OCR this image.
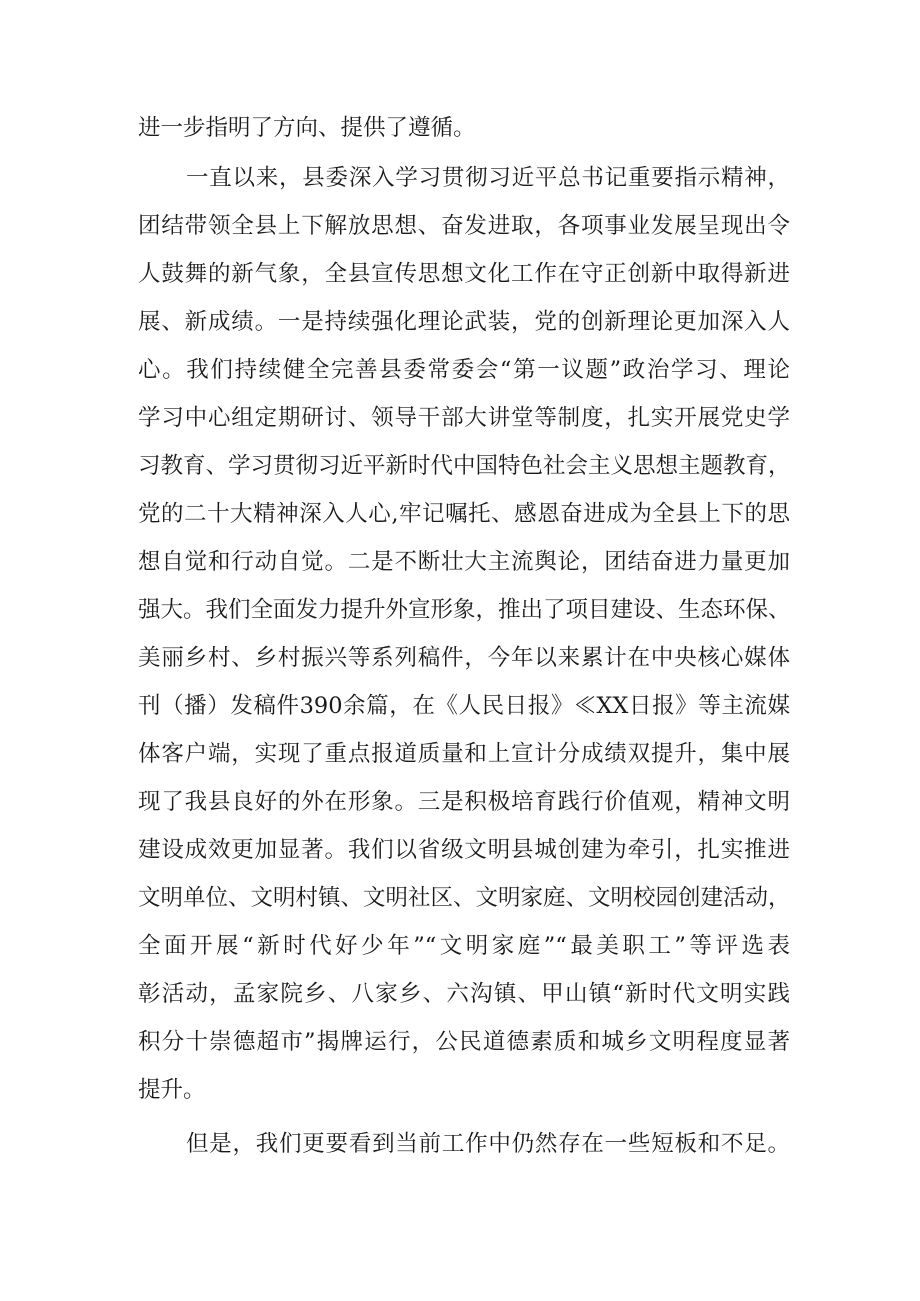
进一步指明了方向、提供了遵循。
一直以来，县委深入学习贯彻习近平总书记重要指示精神，
团结带领全县上下解放思想、奋发进取，各项事业发展呈现出令
人鼓舞的新气象，全县宣传思想文化工作在守正创新中取得新进
展、新成绩。一是持续强化理论武装，党的创新理论更加深入人
心。我们持续健全完善县委常委会“第一议题”政治学习、理论
学习中心组定期研讨、领导干部大讲堂等制度，扎实开展党史学
习教育、学习贯彻习近平新时代中国特色社会主义思想主题教育，
党的二十大精神深入人心,牢记嘱托、感恩奋进成为全县上下的思
想自觉和行动自觉。二是不断壮大主流舆论，团结奋进力量更加
强大。我们全面发力提升外宣形象，推出了项目建设、生态环保、
美丽乡村、乡村振兴等系列稿件，今年以来累计在中央核心媒体
刊（播）发稿件390余篇，在《人民日报》≪XX日报》等主流媒
体客户端，实现了重点报道质量和上宣计分成绩双提升，集中展
现了我县良好的外在形象。三是积极培育践行价值观，精神文明
建设成效更加显著。我们以省级文明县城创建为牵引，扎实推进
文明单位、文明村镇、文明社区、文明家庭、文明校园创建活动，
全面开展“新时代好少年”“文明家庭”“最美职工”等评选表
彰活动，孟家院乡、八家乡、六沟镇、甲山镇“新时代文明实践
积分十崇德超市”揭牌运行，公民道德素质和城乡文明程度显著
提升。
但是，我们更要看到当前工作中仍然存在一些短板和不足。
